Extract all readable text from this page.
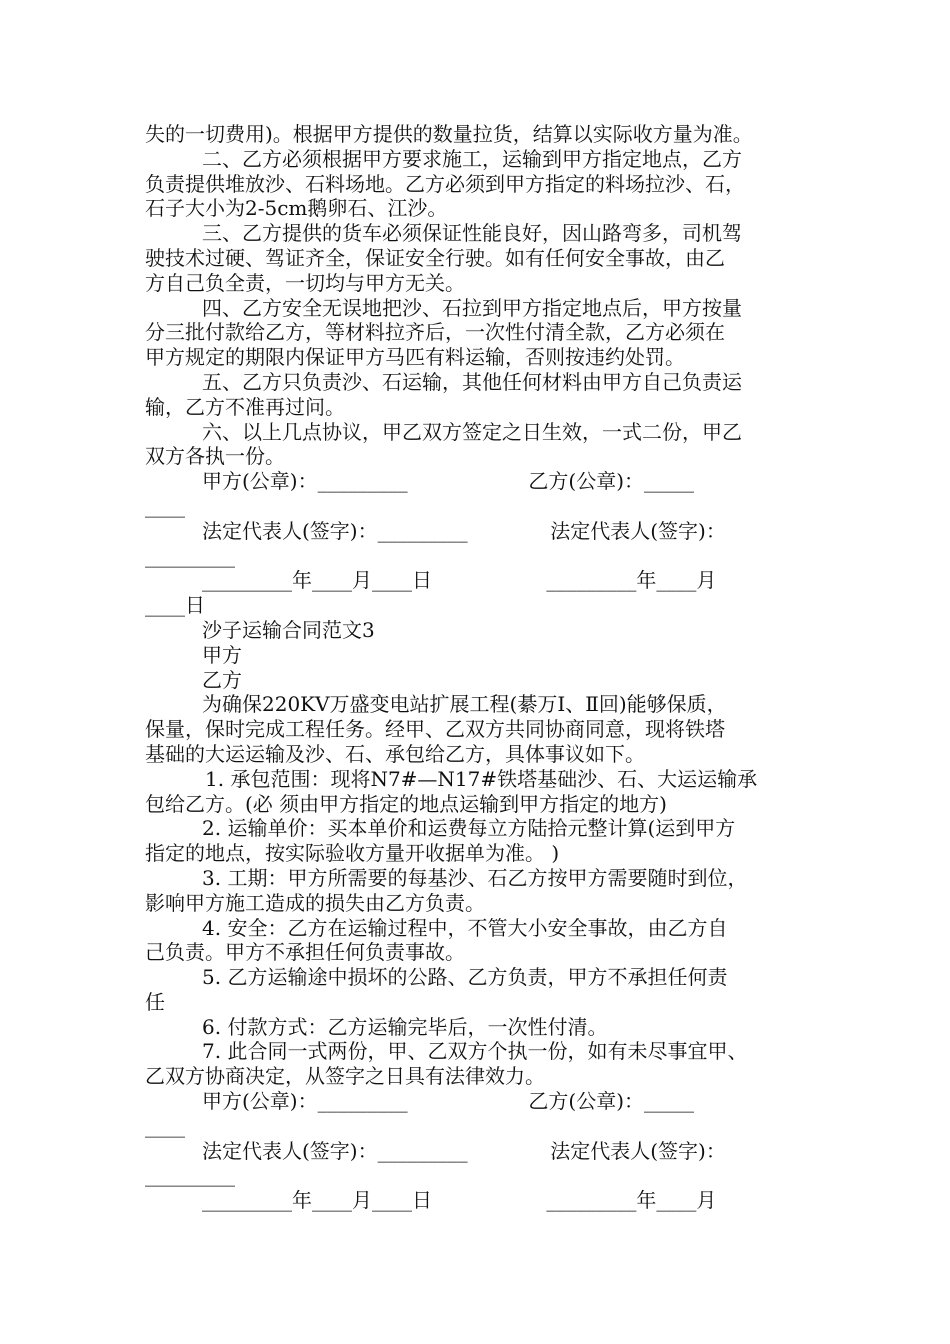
失的一切费用)。根据甲方提供的数量拉货，结算以实际收方量为准。
二、乙方必须根据甲方要求施工，运输到甲方指定地点，乙方
负责提供堆放沙、石料场地。乙方必须到甲方指定的料场拉沙、石，
石子大小为2-5cm鹅卵石、江沙。
三、乙方提供的货车必须保证性能良好，因山路弯多，司机驾
驶技术过硬、驾证齐全，保证安全行驶。如有任何安全事故，由乙
方自己负全责，一切均与甲方无关。
四、乙方安全无误地把沙、石拉到甲方指定地点后，甲方按量
分三批付款给乙方，等材料拉齐后，一次性付清全款，乙方必须在
甲方规定的期限内保证甲方马匹有料运输，否则按违约处罚。
五、乙方只负责沙、石运输，其他任何材料由甲方自己负责运
输，乙方不准再过问。
六、以上几点协议，甲乙双方签定之日生效，一式二份，甲乙
双方各执一份。
甲方(公章)：_________                   乙方(公章)：_____
____
法定代表人(签字)：_________             法定代表人(签字)：
_________
_________年____月____日                  _________年____月
____日
沙子运输合同范文3
甲方
乙方
为确保220KV万盛变电站扩展工程(綦万Ⅰ、Ⅱ回)能够保质，
保量，保时完成工程任务。经甲、乙双方共同协商同意，现将铁塔
基础的大运运输及沙、石、承包给乙方，具体事议如下。
1. 承包范围：现将N7#—N17#铁塔基础沙、石、大运运输承
包给乙方。(必 须由甲方指定的地点运输到甲方指定的地方)
2. 运输单价：买本单价和运费每立方陆拾元整计算(运到甲方
指定的地点，按实际验收方量开收据单为准。 )
3. 工期：甲方所需要的每基沙、石乙方按甲方需要随时到位，
影响甲方施工造成的损失由乙方负责。
4. 安全：乙方在运输过程中，不管大小安全事故，由乙方自
己负责。甲方不承担任何负责事故。
5. 乙方运输途中损坏的公路、乙方负责，甲方不承担任何责
任
6. 付款方式：乙方运输完毕后，一次性付清。
7. 此合同一式两份，甲、乙双方个执一份，如有未尽事宜甲、
乙双方协商决定，从签字之日具有法律效力。
甲方(公章)：_________                   乙方(公章)：_____
____
法定代表人(签字)：_________             法定代表人(签字)：
_________
_________年____月____日                  _________年____月
